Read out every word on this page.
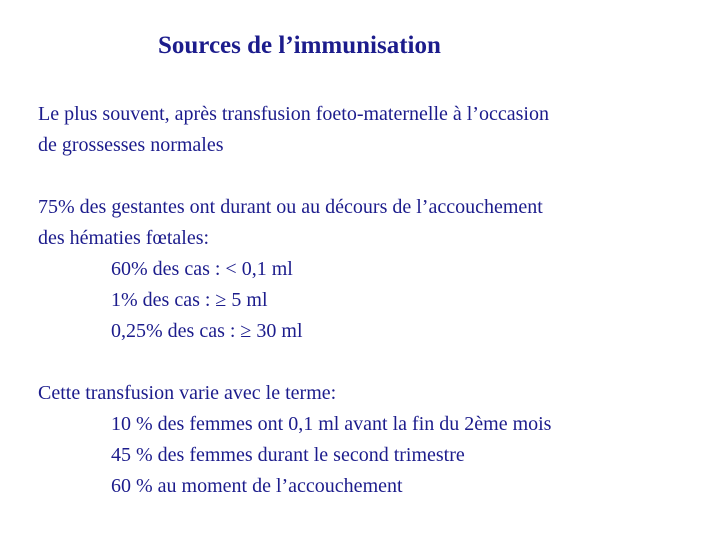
Sources de l’immunisation
Le plus souvent, après transfusion foeto-maternelle à l’occasion
de grossesses normales
75% des gestantes ont durant ou au décours de l’accouchement
des hématies fœtales:
60% des cas : < 0,1 ml
1% des cas : ≥ 5 ml
0,25% des cas : ≥ 30 ml
Cette transfusion varie avec le terme:
10 % des femmes ont 0,1 ml avant la fin du 2ème mois
45 % des femmes durant le second trimestre
60 % au moment de l’accouchement
